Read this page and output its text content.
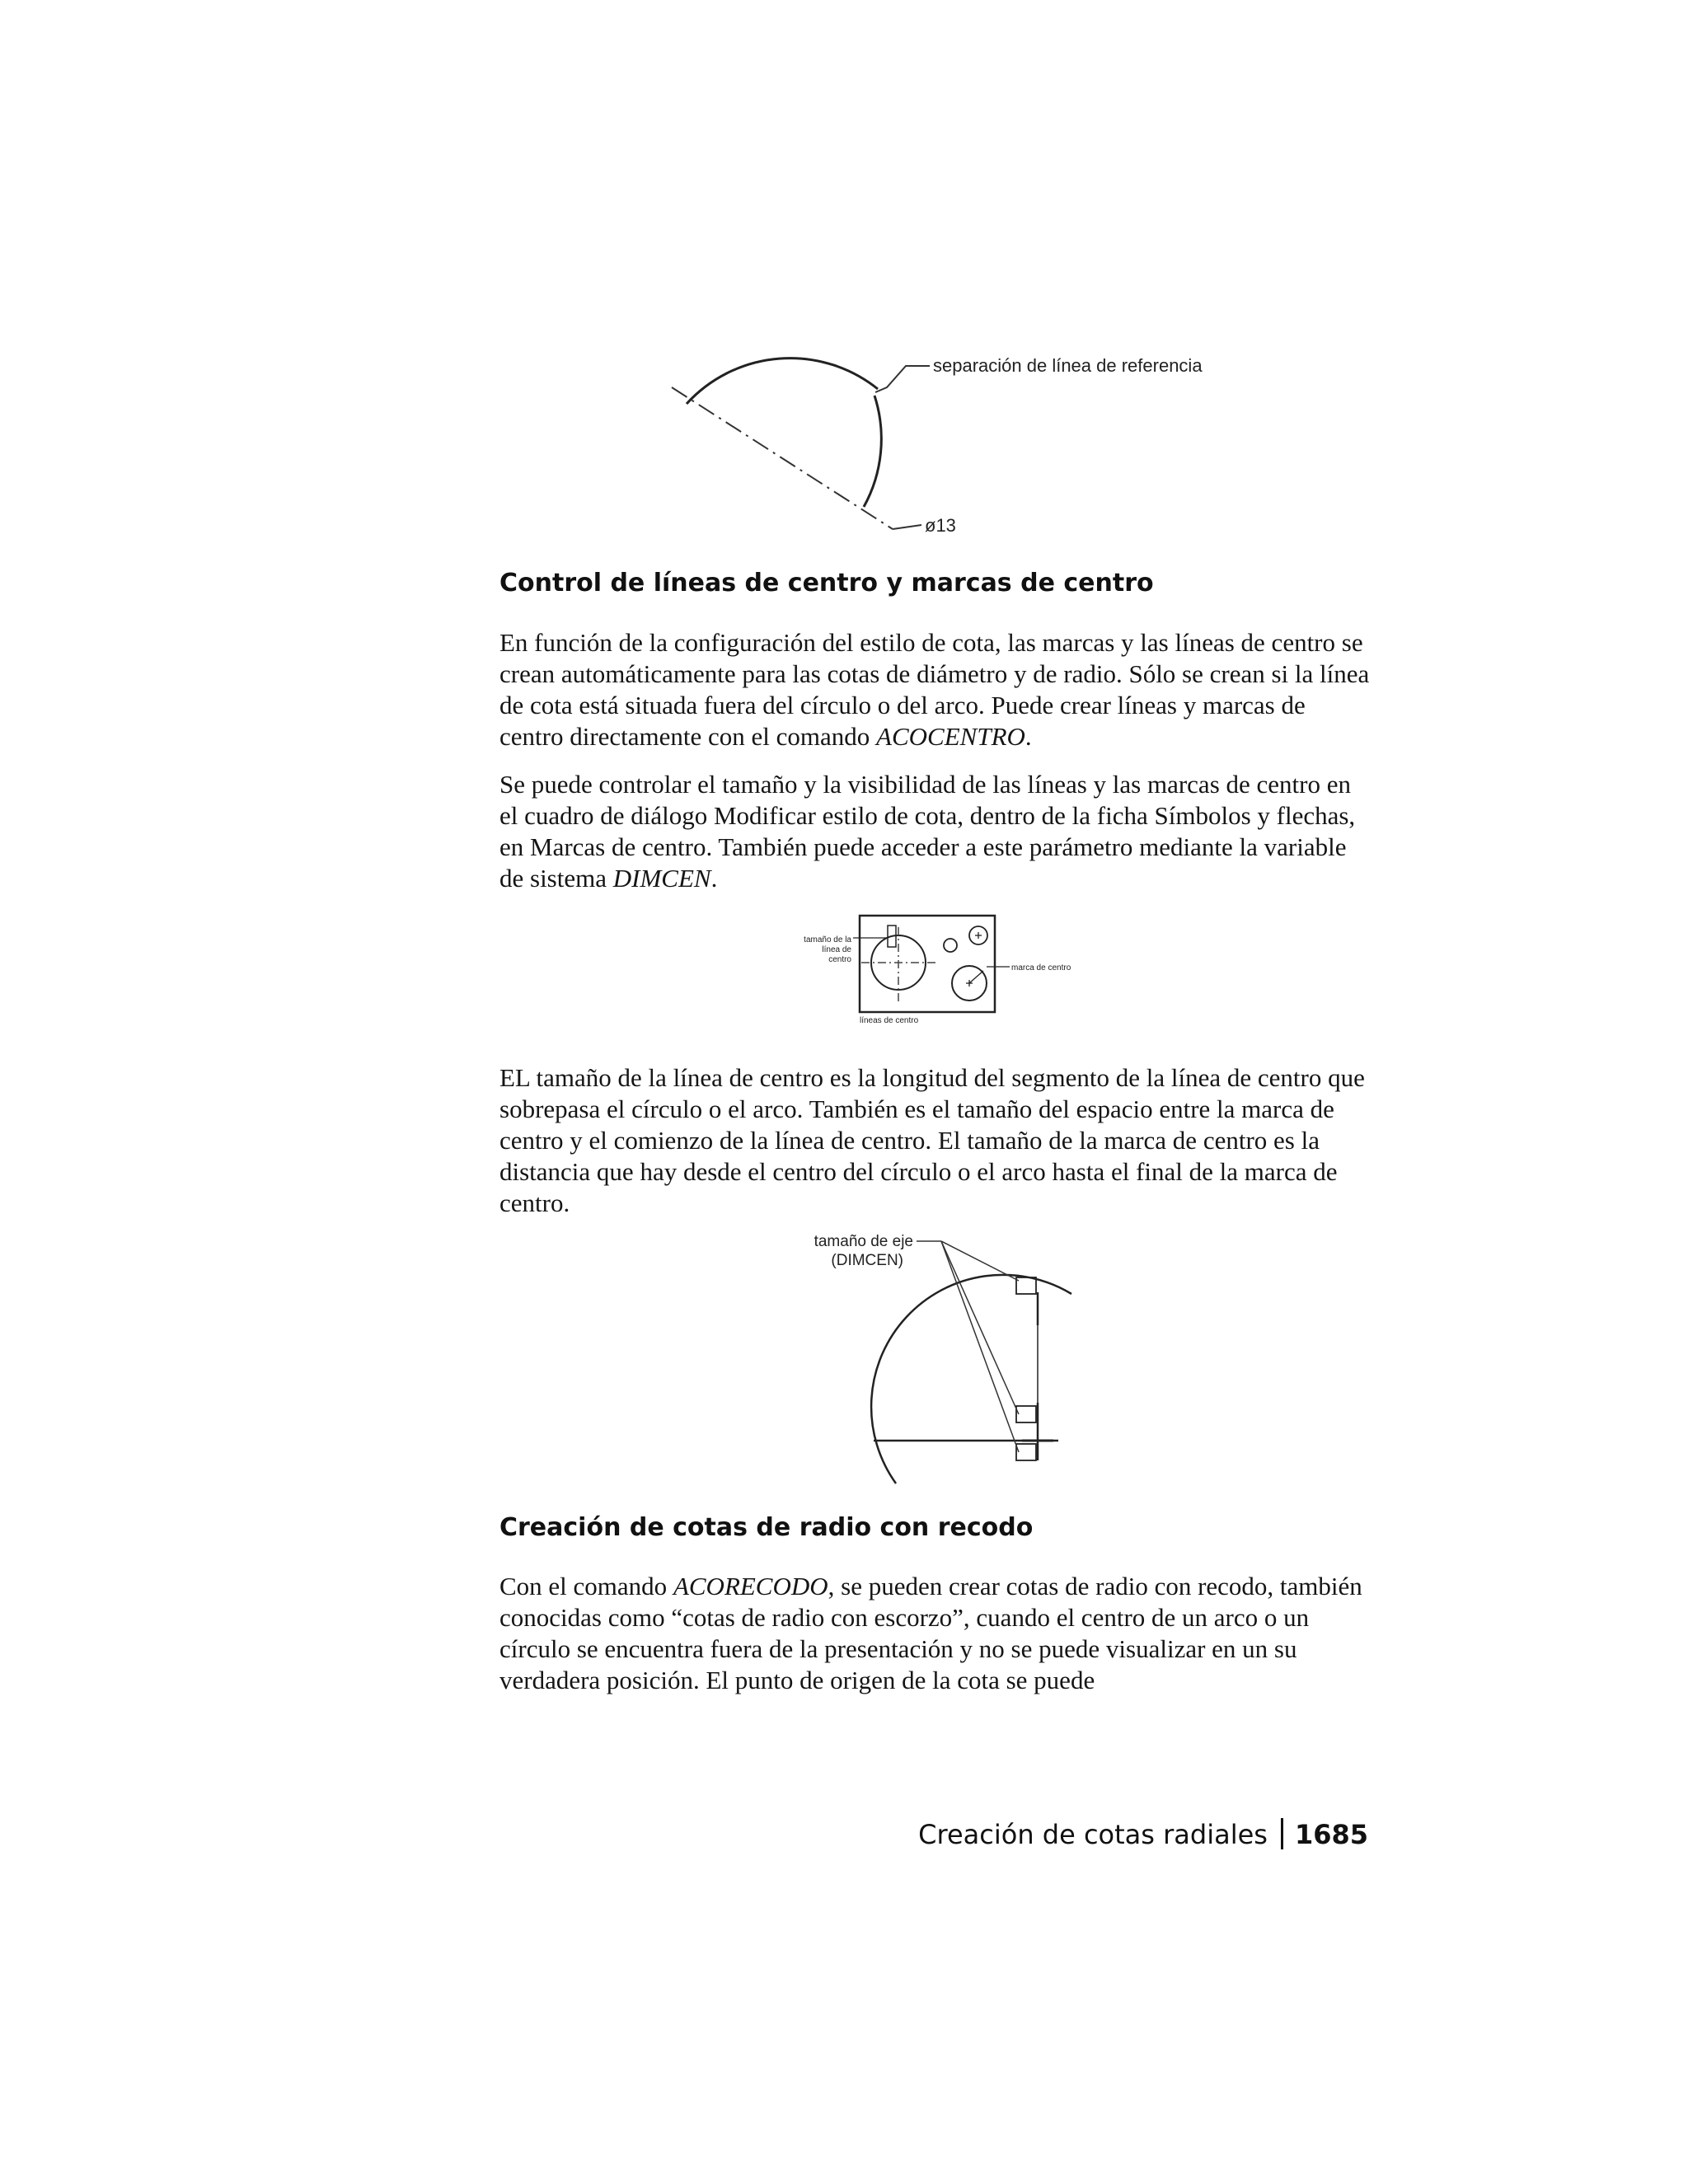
separación de línea de referencia
ø13
Control de líneas de centro y marcas de centro

En función de la configuración del estilo de cota, las marcas y las líneas de centro se crean automáticamente para las cotas de diámetro y de radio. Sólo se crean si la línea de cota está situada fuera del círculo o del arco. Puede crear líneas y marcas de centro directamente con el comando ACOCENTRO.

Se puede controlar el tamaño y la visibilidad de las líneas y las marcas de centro en el cuadro de diálogo Modificar estilo de cota, dentro de la ficha Símbolos y flechas, en Marcas de centro. También puede acceder a este parámetro mediante la variable de sistema DIMCEN.

tamaño de la
línea de
centro
marca de centro
líneas de centro

EL tamaño de la línea de centro es la longitud del segmento de la línea de centro que sobrepasa el círculo o el arco. También es el tamaño del espacio entre la marca de centro y el comienzo de la línea de centro. El tamaño de la marca de centro es la distancia que hay desde el centro del círculo o el arco hasta el final de la marca de centro.

tamaño de eje
(DIMCEN)
Creación de cotas de radio con recodo

Con el comando ACORECODO, se pueden crear cotas de radio con recodo, también conocidas como “cotas de radio con escorzo”, cuando el centro de un arco o un círculo se encuentra fuera de la presentación y no se puede visualizar en un su verdadera posición. El punto de origen de la cota se puede

Creación de cotas radiales 1685
